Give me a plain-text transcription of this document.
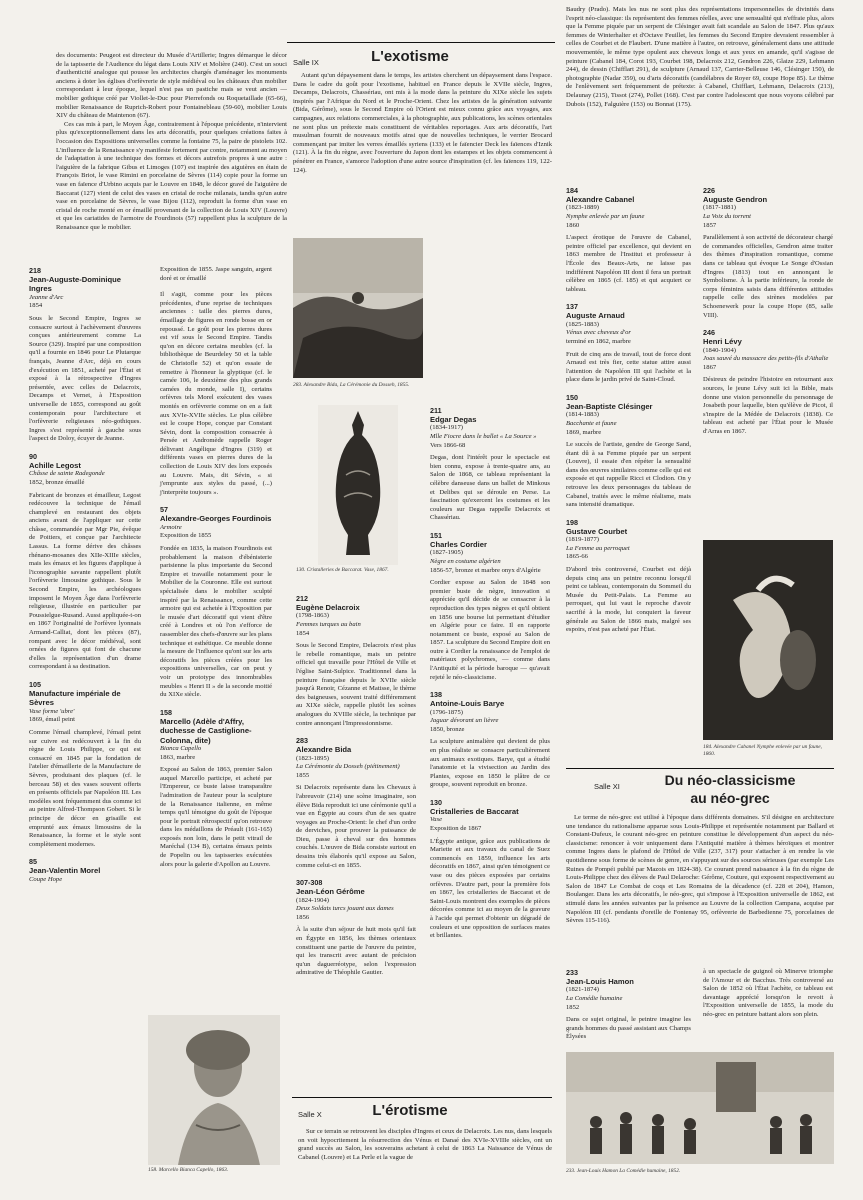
des documents: Peugeot est directeur du Musée d'Artillerie; Ingres démarque le décor de la tapisserie de l'Audience du légat dans Louis XIV et Molière (240). C'est un souci d'authenticité analogue qui pousse les architectes chargés d'aménager les monuments anciens à doter les églises d'orfèvrerie de style médiéval ou les châteaux d'un mobilier correspondant à leur époque, lequel n'est pas un pastiche mais se veut ancien — mobilier gothique créé par Viollet-le-Duc pour Pierrefonds ou Roquetaillade (65-66), mobilier Renaissance de Ruprich-Robert pour Fontainebleau (59-60), mobilier Louis XIV du château de Maintenon (67).

Ces cas mis à part, le Moyen Âge, contrairement à l'époque précédente, n'intervient plus qu'exceptionnellement dans les arts décoratifs, pour quelques créations faites à l'occasion des Expositions universelles comme la fontaine 75, la paire de pistolets 102. L'influence de la Renaissance s'y manifeste fortement par contre, notamment au moyen de l'adaptation à une technique des formes et décors autrefois propres à une autre : l'aiguière de la fabrique Gibus et Limoges (107) est inspirée des aiguières en étain de François Briot, le vase Rimini en porcelaine de Sèvres (114) copie pour la forme un vase en faïence d'Urbino acquis par le Louvre en 1848, le décor gravé de l'aiguière de Baccarat (127) vient de celui des vases en cristal de roche milanais, tandis qu'un autre vase en porcelaine de Sèvres, le vase Bijou (112), reproduit la forme d'un vase en cristal de roche monté en or émaillé provenant de la collection de Louis XIV (Louvre) et que les cariatides de l'armoire de Fourdinois (57) rappellent plus la sculpture de la Renaissance que le mobilier.

218
Jean-Auguste-Dominique Ingres
Jeanne d'Arc
1854

Sous le Second Empire, Ingres se consacre surtout à l'achèvement d'œuvres conçues antérieurement comme La Source (329). Inspiré par une composition qu'il a fournie en 1846 pour Le Plutarque français, Jeanne d'Arc, déjà en cours d'exécution en 1851, acheté par l'État et exposé à la rétrospective d'Ingres présentée, avec celles de Delacroix, Decamps et Vernet, à l'Exposition universelle de 1855, correspond au goût contemporain pour l'architecture et l'orfèvrerie religieuses néo-gothiques. Ingres s'est représenté à gauche sous l'aspect de Doloy, écuyer de Jeanne.

90
Achille Legost
Châsse de sainte Radegonde
1852, bronze émaillé

Fabricant de bronzes et émailleur, Legost redécouvre la technique de l'émail champlevé en restaurant des objets anciens avant de l'appliquer sur cette châsse, commandée par Mgr Pie, évêque de Poitiers, et conçue par l'architecte Lassus. La forme dérive des châsses rhénano-mosanes des XIIe-XIIIe siècles, mais les émaux et les figures d'applique à l'iconographie savante rappellent plutôt l'orfèvrerie limousine gothique. Sous le Second Empire, les archéologues imposent le Moyen Âge dans l'orfèvrerie religieuse, illustrée en particulier par Poussielgue-Rusand. Aussi appliquée-t-on en 1867 l'originalité de l'orfèvre lyonnais Armand-Calliat, dont les pièces (87), rompant avec le décor médiéval, sont ornées de figures qui font de chacune d'elles la représentation d'un drame correspondant à sa destination.

105
Manufacture impériale de Sèvres
Vase forme 'ubre'
1869, émail peint

Comme l'émail champlevé, l'émail peint sur cuivre est redécouvert à la fin du règne de Louis Philippe, ce qui est consacré en 1845 par la fondation de l'atelier d'émaillerie de la Manufacture de Sèvres, produisant des plaques (cf. le berceau 58) et des vases souvent offerts en présents officiels par Napoléon III. Les modèles sont fréquemment dus comme ici au peintre Alfred-Thompson Gobert. Si le principe de décor en grisaille est emprunté aux émaux limousins de la Renaissance, la forme et le style sont complètement modernes.

85
Jean-Valentin Morel
Coupe Hope

Exposition de 1855. Jaspe sanguin, argent doré et or émaillé

Il s'agit, comme pour les pièces précédentes, d'une reprise de techniques anciennes : taille des pierres dures, émaillage de figures en ronde bosse en or repoussé. Le goût pour les pierres dures est vif sous le Second Empire. Tandis qu'on en décore certains meubles (cf. la bibliothèque de Beurdeley 50 et la table de Christofle 52) et qu'on essaie de remettre à l'honneur la glyptique (cf. le camée 106, le deuxième des plus grands camées du monde, salle I), certains orfèvres tels Morel exécutent des vases montés en orfèvrerie comme on en a fait aux XVIe-XVIIe siècles. Le plus célèbre est le coupe Hope, conçue par Constant Sévin, dont la composition consacrée à Persée et Andromède rappelle Roger délivrant Angélique d'Ingres (319) et différents vases en pierres dures de la collection de Louis XIV des lors exposés au Louvre. Mais, dit Sévin, « si j'emprunte aux styles du passé, (...) j'interprète toujours ».

57
Alexandre-Georges Fourdinois
Armoire
Exposition de 1855

Fondée en 1835, la maison Fourdinois est probablement la maison d'ébénisterie parisienne la plus importante du Second Empire et travaille notamment pour le Mobilier de la Couronne. Elle est surtout spécialisée dans le mobilier sculpté inspiré par la Renaissance, comme cette armoire qui est achetée à l'Exposition par le musée d'art décoratif qui vient d'être créé à Londres et où l'on s'efforce de rassembler des chefs-d'œuvre sur les plans technique et esthétique. Ce meuble donne la mesure de l'influence qu'ont sur les arts décoratifs les pièces créées pour les expositions universelles, car on peut y voir un prototype des innombrables meubles « Henri II » de la seconde moitié du XIXe siècle.

158
Marcello (Adèle d'Affry, duchesse de Castiglione-Colonna, dite)
Bianca Capello
1863, marbre

Exposé au Salon de 1863, premier Salon auquel Marcello participe, et acheté par l'Empereur, ce buste laisse transparaître l'admiration de l'auteur pour la sculpture de la Renaissance italienne, en même temps qu'il témoigne du goût de l'époque pour le portrait rétrospectif qu'on retrouve dans les médaillons de Préault (161-165) exposés non loin, dans le petit vitrail de Maréchal (134 B), certains émaux peints de Popelin ou les tapisseries exécutées alors pour la galerie d'Apollon au Louvre.

158. Marcello Bianca Capello, 1863.
Salle IX	L'exotisme

Autant qu'un dépaysement dans le temps, les artistes cherchent un dépaysement dans l'espace. Dans le cadre du goût pour l'exotisme, habituel en France depuis le XVIIe siècle, Ingres, Decamps, Delacroix, Chassériau, ont mis à la mode dans la peinture du XIXe siècle les sujets inspirés par l'Afrique du Nord et le Proche-Orient. Chez les artistes de la génération suivante (Bida, Gérôme), sous le Second Empire où l'Orient est mieux connu grâce aux voyages, aux campagnes, aux relations commerciales, à la photographie, aux publications, les scènes orientales ne sont plus un prétexte mais constituent de véritables reportages. Aux arts décoratifs, l'art musulman fournit de nouveaux motifs ainsi que de nouvelles techniques, le verrier Brocard commençant par imiter les verres émaillés syriens (133) et le faïencier Deck les faïences d'Iznik (121). À la fin du règne, avec l'ouverture du Japon dont les estampes et les objets commencent à pénétrer en France, s'amorce l'adoption d'une autre source d'inspiration (cf. les faïences 119, 122-124).

283. Alexandre Bida, La Cérémonie du Dosseh, 1855.
130. Cristalleries de Baccarat. Vase, 1867.
212
Eugène Delacroix
(1798-1863)
Femmes turques au bain
1854

Sous le Second Empire, Delacroix n'est plus le rebelle romantique, mais un peintre officiel qui travaille pour l'Hôtel de Ville et l'église Saint-Sulpice. Traditionnel dans la peinture française depuis le XVIIe siècle jusqu'à Renoir, Cézanne et Matisse, le thème des baigneuses, souvent traité différemment au XIXe siècle, rappelle plutôt les scènes analogues du XVIIIe siècle, la technique par contre annonçant l'Impressionnisme.

283
Alexandre Bida
(1823-1895)
La Cérémonie du Dosseh (piétinement)
1855

Si Delacroix représente dans les Chevaux à l'abreuvoir (214) une scène imaginaire, son élève Bida reproduit ici une cérémonie qu'il a vue en Égypte au cours d'un de ses quatre voyages au Proche-Orient: le chef d'un ordre de derviches, pour prouver la puissance de Dieu, passe à cheval sur des hommes couchés. L'œuvre de Bida consiste surtout en dessins très élaborés qu'il expose au Salon, comme celui-ci en 1855.

307-308
Jean-Léon Gérôme
(1824-1904)
Deux Soldats turcs jouant aux dames
1856

À la suite d'un séjour de huit mois qu'il fait en Égypte en 1856, les thèmes orientaux constituent une partie de l'œuvre du peintre, qui les transcrit avec autant de précision qu'un daguerréotype, selon l'expression admirative de Théophile Gautier.

211
Edgar Degas
(1834-1917)
Mlle Fiocre dans le ballet « La Source »
Vers 1866-68

Degas, dont l'intérêt pour le spectacle est bien connu, expose à trente-quatre ans, au Salon de 1868, ce tableau représentant la célèbre danseuse dans un ballet de Minkous et Delibes qui se déroule en Perse. La fascination qu'exercent les costumes et les couleurs sur Degas rappelle Delacroix et Chassériau.

151
Charles Cordier
(1827-1905)
Nègre en costume algérien
1856-57, bronze et marbre onyx d'Algérie

Cordier expose au Salon de 1848 son premier buste de nègre, innovation si appréciée qu'il décide de se consacrer à la reproduction des types nègres et qu'il obtient en 1856 une bourse lui permettant d'étudier en Algérie pour ce faire. Il en rapporte notamment ce buste, exposé au Salon de 1857. La sculpture du Second Empire doit en outre à Cordier la renaissance de l'emploi de matériaux polychromes, — comme dans l'Antiquité et la période baroque — qu'avait rejeté le néo-classicisme.

138
Antoine-Louis Barye
(1796-1875)
Jaguar dévorant un lièvre
1850, bronze

La sculpture animalière qui devient de plus en plus réaliste se consacre particulièrement aux animaux exotiques. Barye, qui a étudié l'anatomie et la vivisection au Jardin des Plantes, expose en 1850 le plâtre de ce groupe, souvent reproduit en bronze.

130
Cristalleries de Baccarat
Vase
Exposition de 1867

L'Égypte antique, grâce aux publications de Mariette et aux travaux du canal de Suez commencés en 1859, influence les arts décoratifs en 1867, ainsi qu'en témoignent ce vase ou des pièces exposées par certains orfèvres. D'autre part, pour la première fois en 1867, les cristalleries de Baccarat et de Saint-Louis montrent des exemples de pièces décorées comme ici au moyen de la gravure à l'acide qui permet d'obtenir un dégradé de couleurs et une opposition de surfaces mates et brillantes.

Salle X	L'érotisme

Sur ce terrain se retrouvent les disciples d'Ingres et ceux de Delacroix. Les nus, dans lesquels on voit hypocritement la résurrection des Vénus et Danaé des XVIe-XVIIIe siècles, ont un grand succès au Salon, les souverains achetant à celui de 1863 La Naissance de Vénus de Cabanel (Louvre) et La Perle et la vague de

Baudry (Prado). Mais les nus ne sont plus des représentations impersonnelles de divinités dans l'esprit néo-classique: ils représentent des femmes réelles, avec une sensualité qui n'effraie plus, alors que la Femme piquée par un serpent de Clésinger avait fait scandale au Salon de 1847. Plus qu'aux femmes de Winterhalter et d'Octave Feuillet, les femmes du Second Empire devraient ressembler à celles de Courbet et de Flaubert. D'une matière à l'autre, on retrouve, généralement dans une attitude mouvementée, le même type opulent aux cheveux longs et aux yeux en amande, qu'il s'agisse de peinture (Cabanel 184, Corot 193, Courbet 198, Delacroix 212, Gendron 226, Glaize 229, Lehmann 244), de dessin (Chifflart 291), de sculpture (Arnaud 137, Carrier-Belleuse 146, Clésinger 150), de photographie (Nadar 359), ou d'arts décoratifs (candélabres de Royer 69, coupe Hope 85). Le thème de l'enlèvement sert fréquemment de prétexte: à Cabanel, Chifflart, Lehmann, Delacroix (213), Delaunay (215), Tissot (274), Pollet (168). C'est par contre l'adolescent que nous voyons célébré par Dubois (152), Falguière (153) ou Bonnat (175).

184
Alexandre Cabanel
(1823-1889)
Nymphe enlevée par un faune
1860

L'aspect érotique de l'œuvre de Cabanel, peintre officiel par excellence, qui devient en 1863 membre de l'Institut et professeur à l'École des Beaux-Arts, ne laisse pas indifférent Napoléon III dont il fera un portrait célèbre en 1865 (cf. 185) et qui acquiert ce tableau.

137
Auguste Arnaud
(1825-1883)
Vénus avec cheveux d'or
terminé en 1862, marbre

Fruit de cinq ans de travail, tout de force dont Arnaud est très fier, cette statue attire aussi l'attention de Napoléon III qui l'achète et la place dans le jardin privé de Saint-Cloud.

150
Jean-Baptiste Clésinger
(1814-1883)
Bacchante et faune
1869, marbre

Le succès de l'artiste, gendre de George Sand, étant dû à sa Femme piquée par un serpent (Louvre), il essaie d'en répéter la sensualité dans des œuvres similaires comme celle qui est exposée et qui rappelle Ricci et Clodion. On y retrouve les deux personnages du tableau de Cabanel, traités avec le même réalisme, mais sans intensité dramatique.

198
Gustave Courbet
(1819-1877)
La Femme au perroquet
1865-66

D'abord très controversé, Courbet est déjà depuis cinq ans un peintre reconnu lorsqu'il peint ce tableau, contemporain du Sommeil du Musée du Petit-Palais. La Femme au perroquet, qui lui vaut le reproche d'avoir sacrifié à la mode, lui conquiert la faveur générale au Salon de 1866 mais, malgré ses espoirs, n'est pas acheté par l'État.

226
Auguste Gendron
(1817-1881)
La Voix du torrent
1857

Parallèlement à son activité de décorateur chargé de commandes officielles, Gendron aime traiter des thèmes d'inspiration romantique, comme dans ce tableau qui évoque Le Songe d'Ossian d'Ingres (1813) tout en annonçant le Symbolisme. À la partie inférieure, la ronde de corps féminins saisis dans différentes attitudes rappelle celle des sirènes modelées par Schoenewerk pour la coupe Hope (85, salle VIII).

246
Henri Lévy
(1840-1904)
Joas sauvé du massacre des petits-fils d'Athalie
1867

Désireux de peindre l'histoire en retournant aux sources, le jeune Lévy suit ici la Bible, mais donne une vision personnelle du personnage de Josabeth pour laquelle, bien qu'élève de Picot, il s'inspire de la Médée de Delacroix (1838). Ce tableau est acheté par l'État pour le Musée d'Arras en 1867.

184. Alexandre Cabanel Nymphe enlevée par un faune, 1860.
Salle XI	Du néo-classicisme
au néo-grec

Le terme de néo-grec est utilisé à l'époque dans différents domaines. S'il désigne en architecture une tendance du rationalisme apparue sous Louis-Philippe et représentée notamment par Ballard et Constant-Dufeux, le courant néo-grec en peinture constitue le développement d'un aspect du néo-classicisme: renoncer à voir uniquement dans l'Antiquité matière à thèmes héroïques et montrer comme Ingres dans le plafond de l'Hôtel de Ville (237, 317) pour s'attacher à en rendre la vie quotidienne sous forme de scènes de genre, en s'appuyant sur des sources sérieuses (par exemple Les Ruines de Pompéi publié par Mazois en 1824-38). Ce courant prend naissance à la fin du règne de Louis-Philippe chez des élèves de Paul Delaroche: Gérôme, Couture, qui exposent respectivement au Salon de 1847 Le Combat de coqs et Les Romains de la décadence (cf. 228 et 204), Hamon, Boulanger. Dans les arts décoratifs, le néo-grec, qui s'impose à l'Exposition universelle de 1862, est stimulé dans les années suivantes par la présence au Louvre de la collection Campana, acquise par Napoléon III (cf. pendants d'oreille de Fontenay 95, orfèvrerie de Barbedienne 75, porcelaines de Sèvres 115-116).

233
Jean-Louis Hamon
(1821-1874)
La Comédie humaine
1852

Dans ce sujet original, le peintre imagine les grands hommes du passé assistant aux Champs Élysées

à un spectacle de guignol où Minerve triomphe de l'Amour et de Bacchus. Très controversé au Salon de 1852 où l'État l'achète, ce tableau est davantage apprécié lorsqu'on le revoit à l'Exposition universelle de 1855, la mode du néo-grec en peinture battant alors son plein.

233. Jean-Louis Hamon La Comédie humaine, 1852.
